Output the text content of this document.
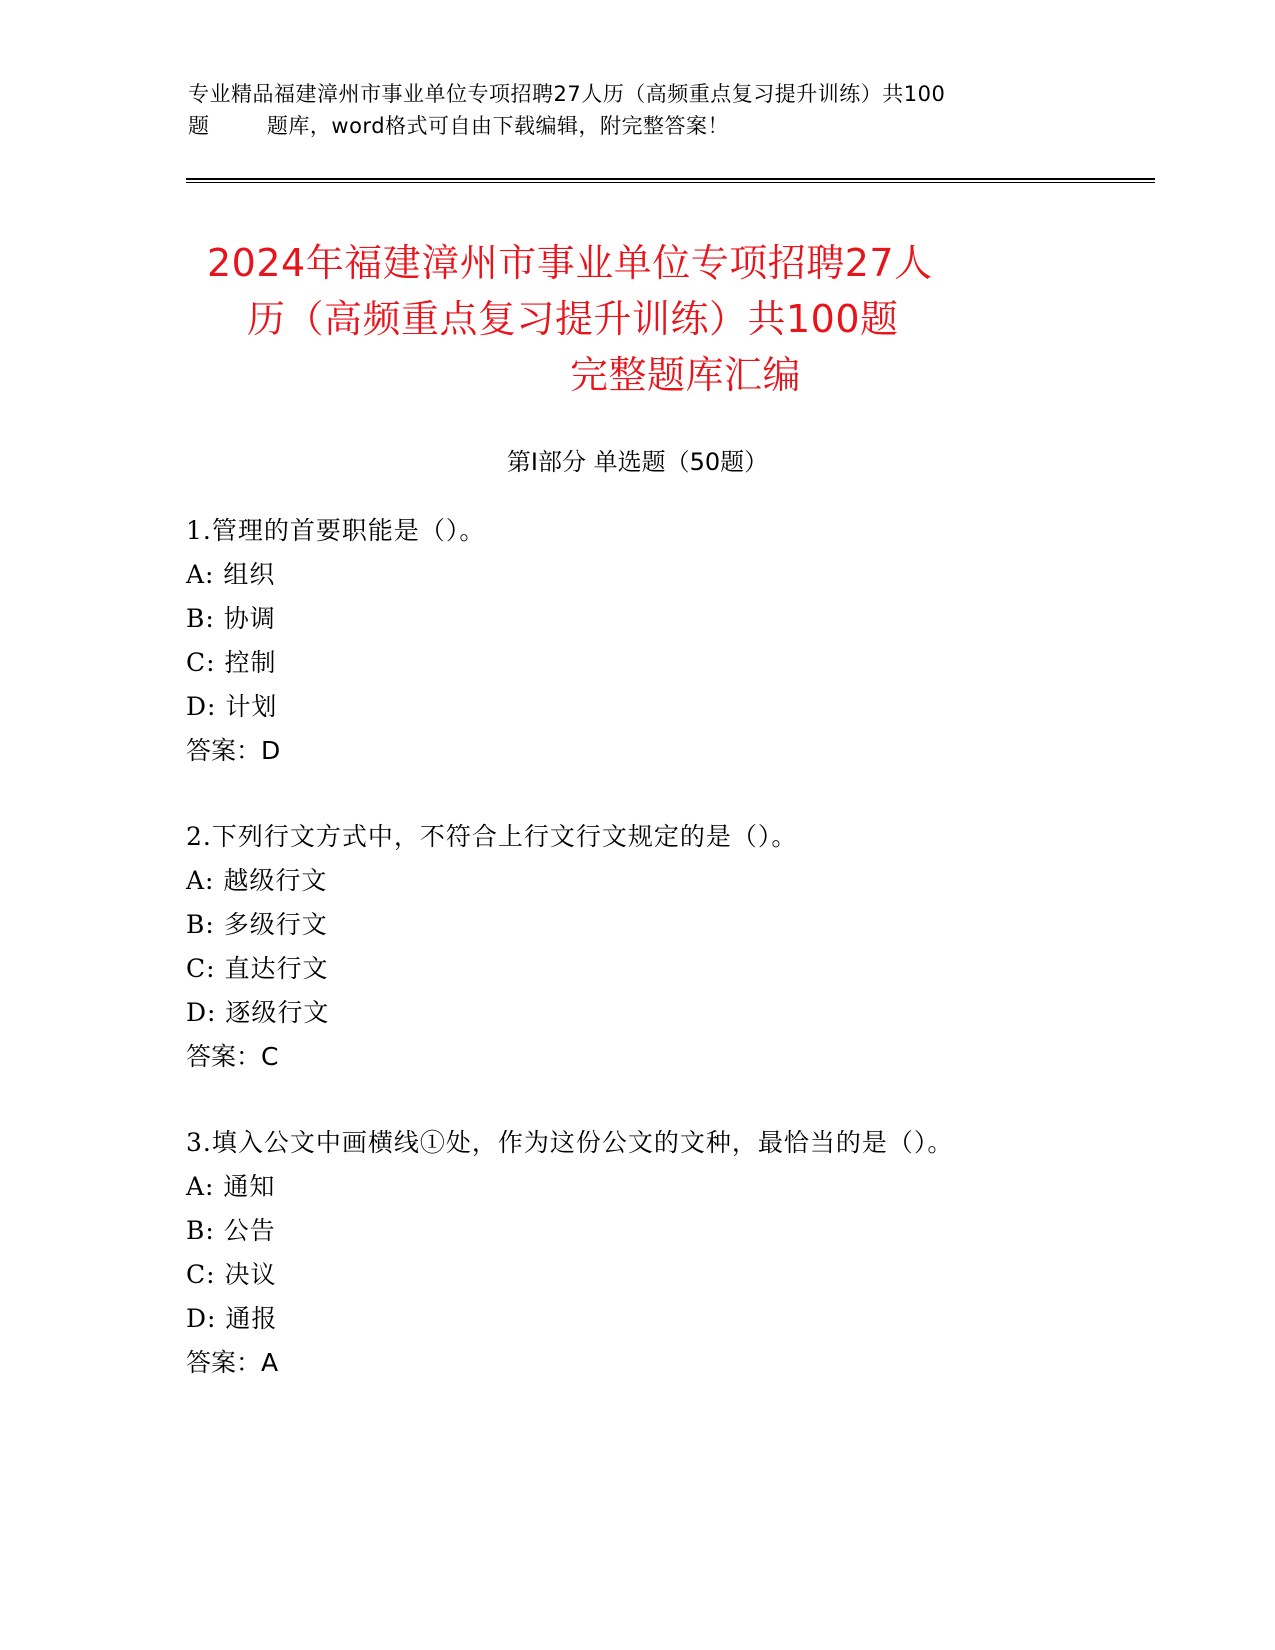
专业精品福建漳州市事业单位专项招聘27人历（高频重点复习提升训练）共100
题        题库，word格式可自由下载编辑，附完整答案！
2024年福建漳州市事业单位专项招聘27人
历（高频重点复习提升训练）共100题
完整题库汇编
第Ⅰ部分 单选题（50题）
1.管理的首要职能是（）。
A: 组织
B: 协调
C: 控制
D: 计划
答案：D
2.下列行文方式中，不符合上行文行文规定的是（）。
A: 越级行文
B: 多级行文
C: 直达行文
D: 逐级行文
答案：C
3.填入公文中画横线①处，作为这份公文的文种，最恰当的是（）。
A: 通知
B: 公告
C: 决议
D: 通报
答案：A
